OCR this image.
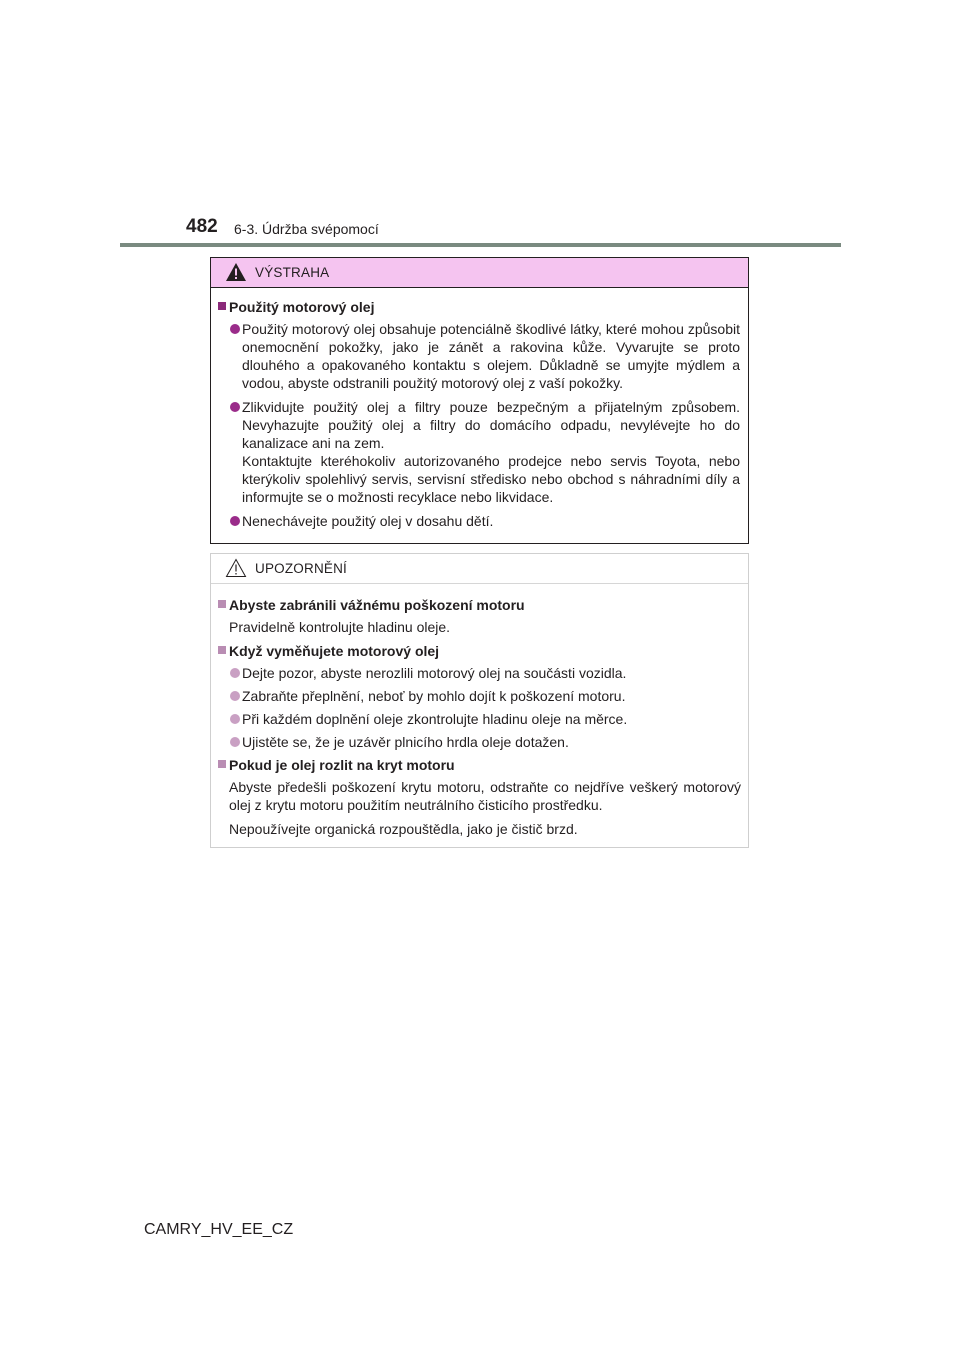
482 6-3. Údržba svépomocí
VÝSTRAHA
Použitý motorový olej
Použitý motorový olej obsahuje potenciálně škodlivé látky, které mohou způsobit onemocnění pokožky, jako je zánět a rakovina kůže. Vyvarujte se proto dlouhého a opakovaného kontaktu s olejem. Důkladně se umyjte mýdlem a vodou, abyste odstranili použitý motorový olej z vaší pokožky.
Zlikvidujte použitý olej a filtry pouze bezpečným a přijatelným způsobem. Nevyhazujte použitý olej a filtry do domácího odpadu, nevylévejte ho do kanalizace ani na zem.
Kontaktujte kteréhokoliv autorizovaného prodejce nebo servis Toyota, nebo kterýkoliv spolehlivý servis, servisní středisko nebo obchod s náhradními díly a informujte se o možnosti recyklace nebo likvidace.
Nenechávejte použitý olej v dosahu dětí.
UPOZORNĚNÍ
Abyste zabránili vážnému poškození motoru
Pravidelně kontrolujte hladinu oleje.
Když vyměňujete motorový olej
Dejte pozor, abyste nerozlili motorový olej na součásti vozidla.
Zabraňte přeplnění, neboť by mohlo dojít k poškození motoru.
Při každém doplnění oleje zkontrolujte hladinu oleje na měrce.
Ujistěte se, že je uzávěr plnicího hrdla oleje dotažen.
Pokud je olej rozlit na kryt motoru
Abyste předešli poškození krytu motoru, odstraňte co nejdříve veškerý motorový olej z krytu motoru použitím neutrálního čisticího prostředku.
Nepoužívejte organická rozpouštědla, jako je čistič brzd.
CAMRY_HV_EE_CZ
